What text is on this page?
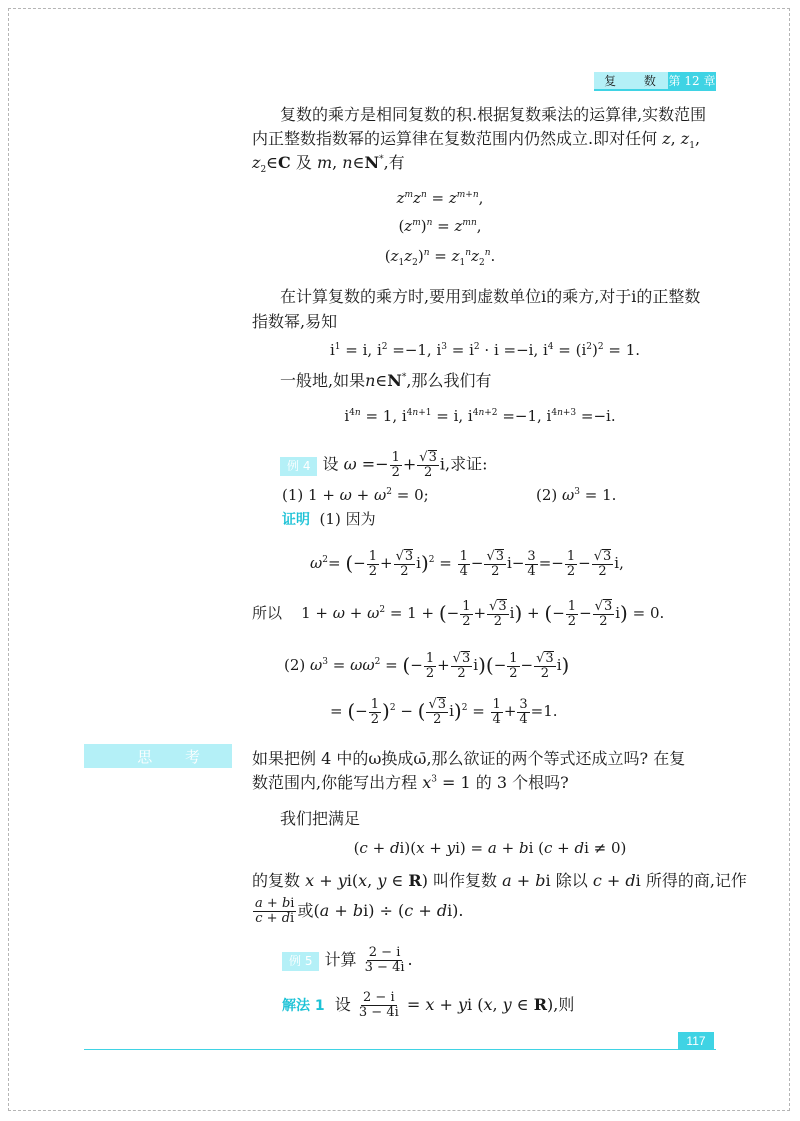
复 数 第 12 章
复数的乘方是相同复数的积.根据复数乘法的运算律,实数范围
内正整数指数幂的运算律在复数范围内仍然成立.即对任何 z, $z_1$,
$z_2\in C$ 及 m, n∈N*,有
$z^mz^n = z^{m+n}$,
$(z^m)^n = z^{mn}$,
$(z_1z_2)^n = z_1^nz_2^n$.
在计算复数的乘方时,要用到虚数单位i的乘方,对于i的正整数
指数幂,易知
$i^1 = i$, $i^2 =-1$, $i^3 = i^2 \cdot i =-i$, $i^4 = (i^2)^2 = 1$.
一般地,如果n∈N*,那么我们有
$i^{4n} = 1$, $i^{4n+1} = i$, $i^{4n+2} =-1$, $i^{4n+3} =-i$.
例 4 设 $\omega =- \frac{1}{2} + \frac{√3}{2} i$,求证:
(1) $1 + \omega + \omega^2 = 0$;	(2) $\omega^3 = 1$.
证明 (1) 因为
$\omega^2=$ (− $\frac{1}{2} + \frac{√3}{2} i)^2 = \frac{1}{4} - \frac{√3}{2} i- \frac{3}{4} =- \frac{1}{2} - \frac{√3}{2} i$,
所以    $1 + \omega + \omega^2 = 1$ + (− $\frac{1}{2} + \frac{√3}{2} i$) + (− $\frac{1}{2} - \frac{√3}{2} i) = 0$.
(2) $\omega^3 = \omega\omega^2$ = (− $\frac{1}{2} + \frac{√3}{2} i)(- \frac{1}{2} - \frac{√3}{2} i)$
= (− $\frac{1}{2} )^2$ − ( $\frac{√3}{2} i)^2 = \frac{1}{4} + \frac{3}{4} =1$.
思 考	如果把例 4 中的ω换成ω̄,那么欲证的两个等式还成立吗? 在复
数范围内,你能写出方程 $x^3 = 1$ 的 3 个根吗?
我们把满足
(c + di)(x + yi) = a + bi (c + di ≠ 0)
的复数 x + yi(x, y ∈ R) 叫作复数 a + bi 除以 c + di 所得的商,记作
$\frac{a + bi}{c + di}$ 或(a + bi) ÷ (c + di).
例 5 计算 $\frac{2 - i}{3 - 4i}$ .
解法 1 设 $\frac{2 - i}{3 - 4i} = x$ + yi (x, y ∈ R),则
117
